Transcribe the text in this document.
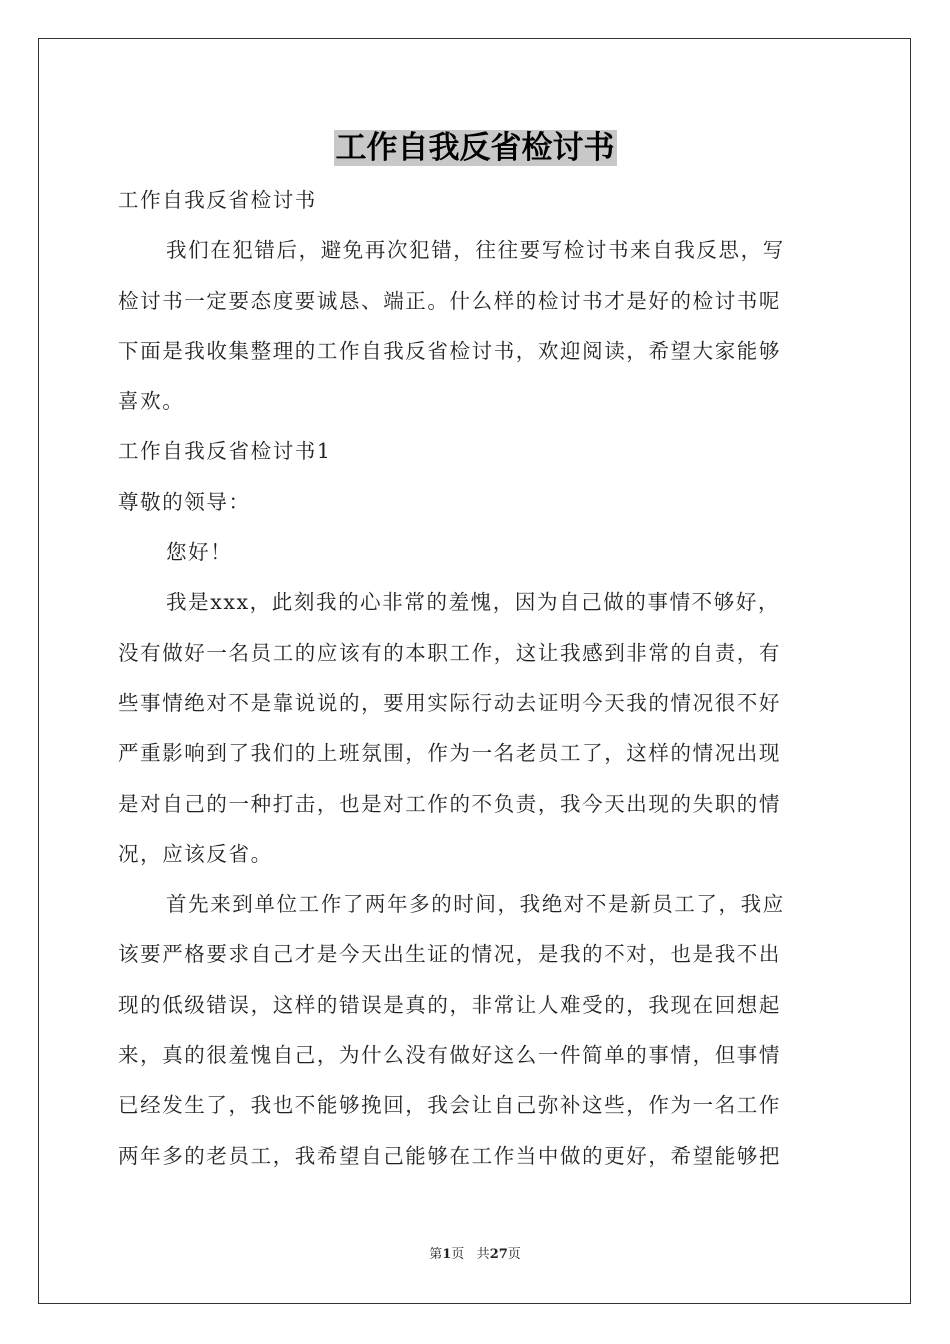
工作自我反省检讨书

工作自我反省检讨书

我们在犯错后，避免再次犯错，往往要写检讨书来自我反思，写

检讨书一定要态度要诚恳、端正。什么样的检讨书才是好的检讨书呢

下面是我收集整理的工作自我反省检讨书，欢迎阅读，希望大家能够

喜欢。

工作自我反省检讨书1

尊敬的领导：

您好！

我是xxx，此刻我的心非常的羞愧，因为自己做的事情不够好，

没有做好一名员工的应该有的本职工作，这让我感到非常的自责，有

些事情绝对不是靠说说的，要用实际行动去证明今天我的情况很不好

严重影响到了我们的上班氛围，作为一名老员工了，这样的情况出现

是对自己的一种打击，也是对工作的不负责，我今天出现的失职的情

况，应该反省。

首先来到单位工作了两年多的时间，我绝对不是新员工了，我应

该要严格要求自己才是今天出生证的情况，是我的不对，也是我不出

现的低级错误，这样的错误是真的，非常让人难受的，我现在回想起

来，真的很羞愧自己，为什么没有做好这么一件简单的事情，但事情

已经发生了，我也不能够挽回，我会让自己弥补这些，作为一名工作

两年多的老员工，我希望自己能够在工作当中做的更好，希望能够把

第1页 共27页
